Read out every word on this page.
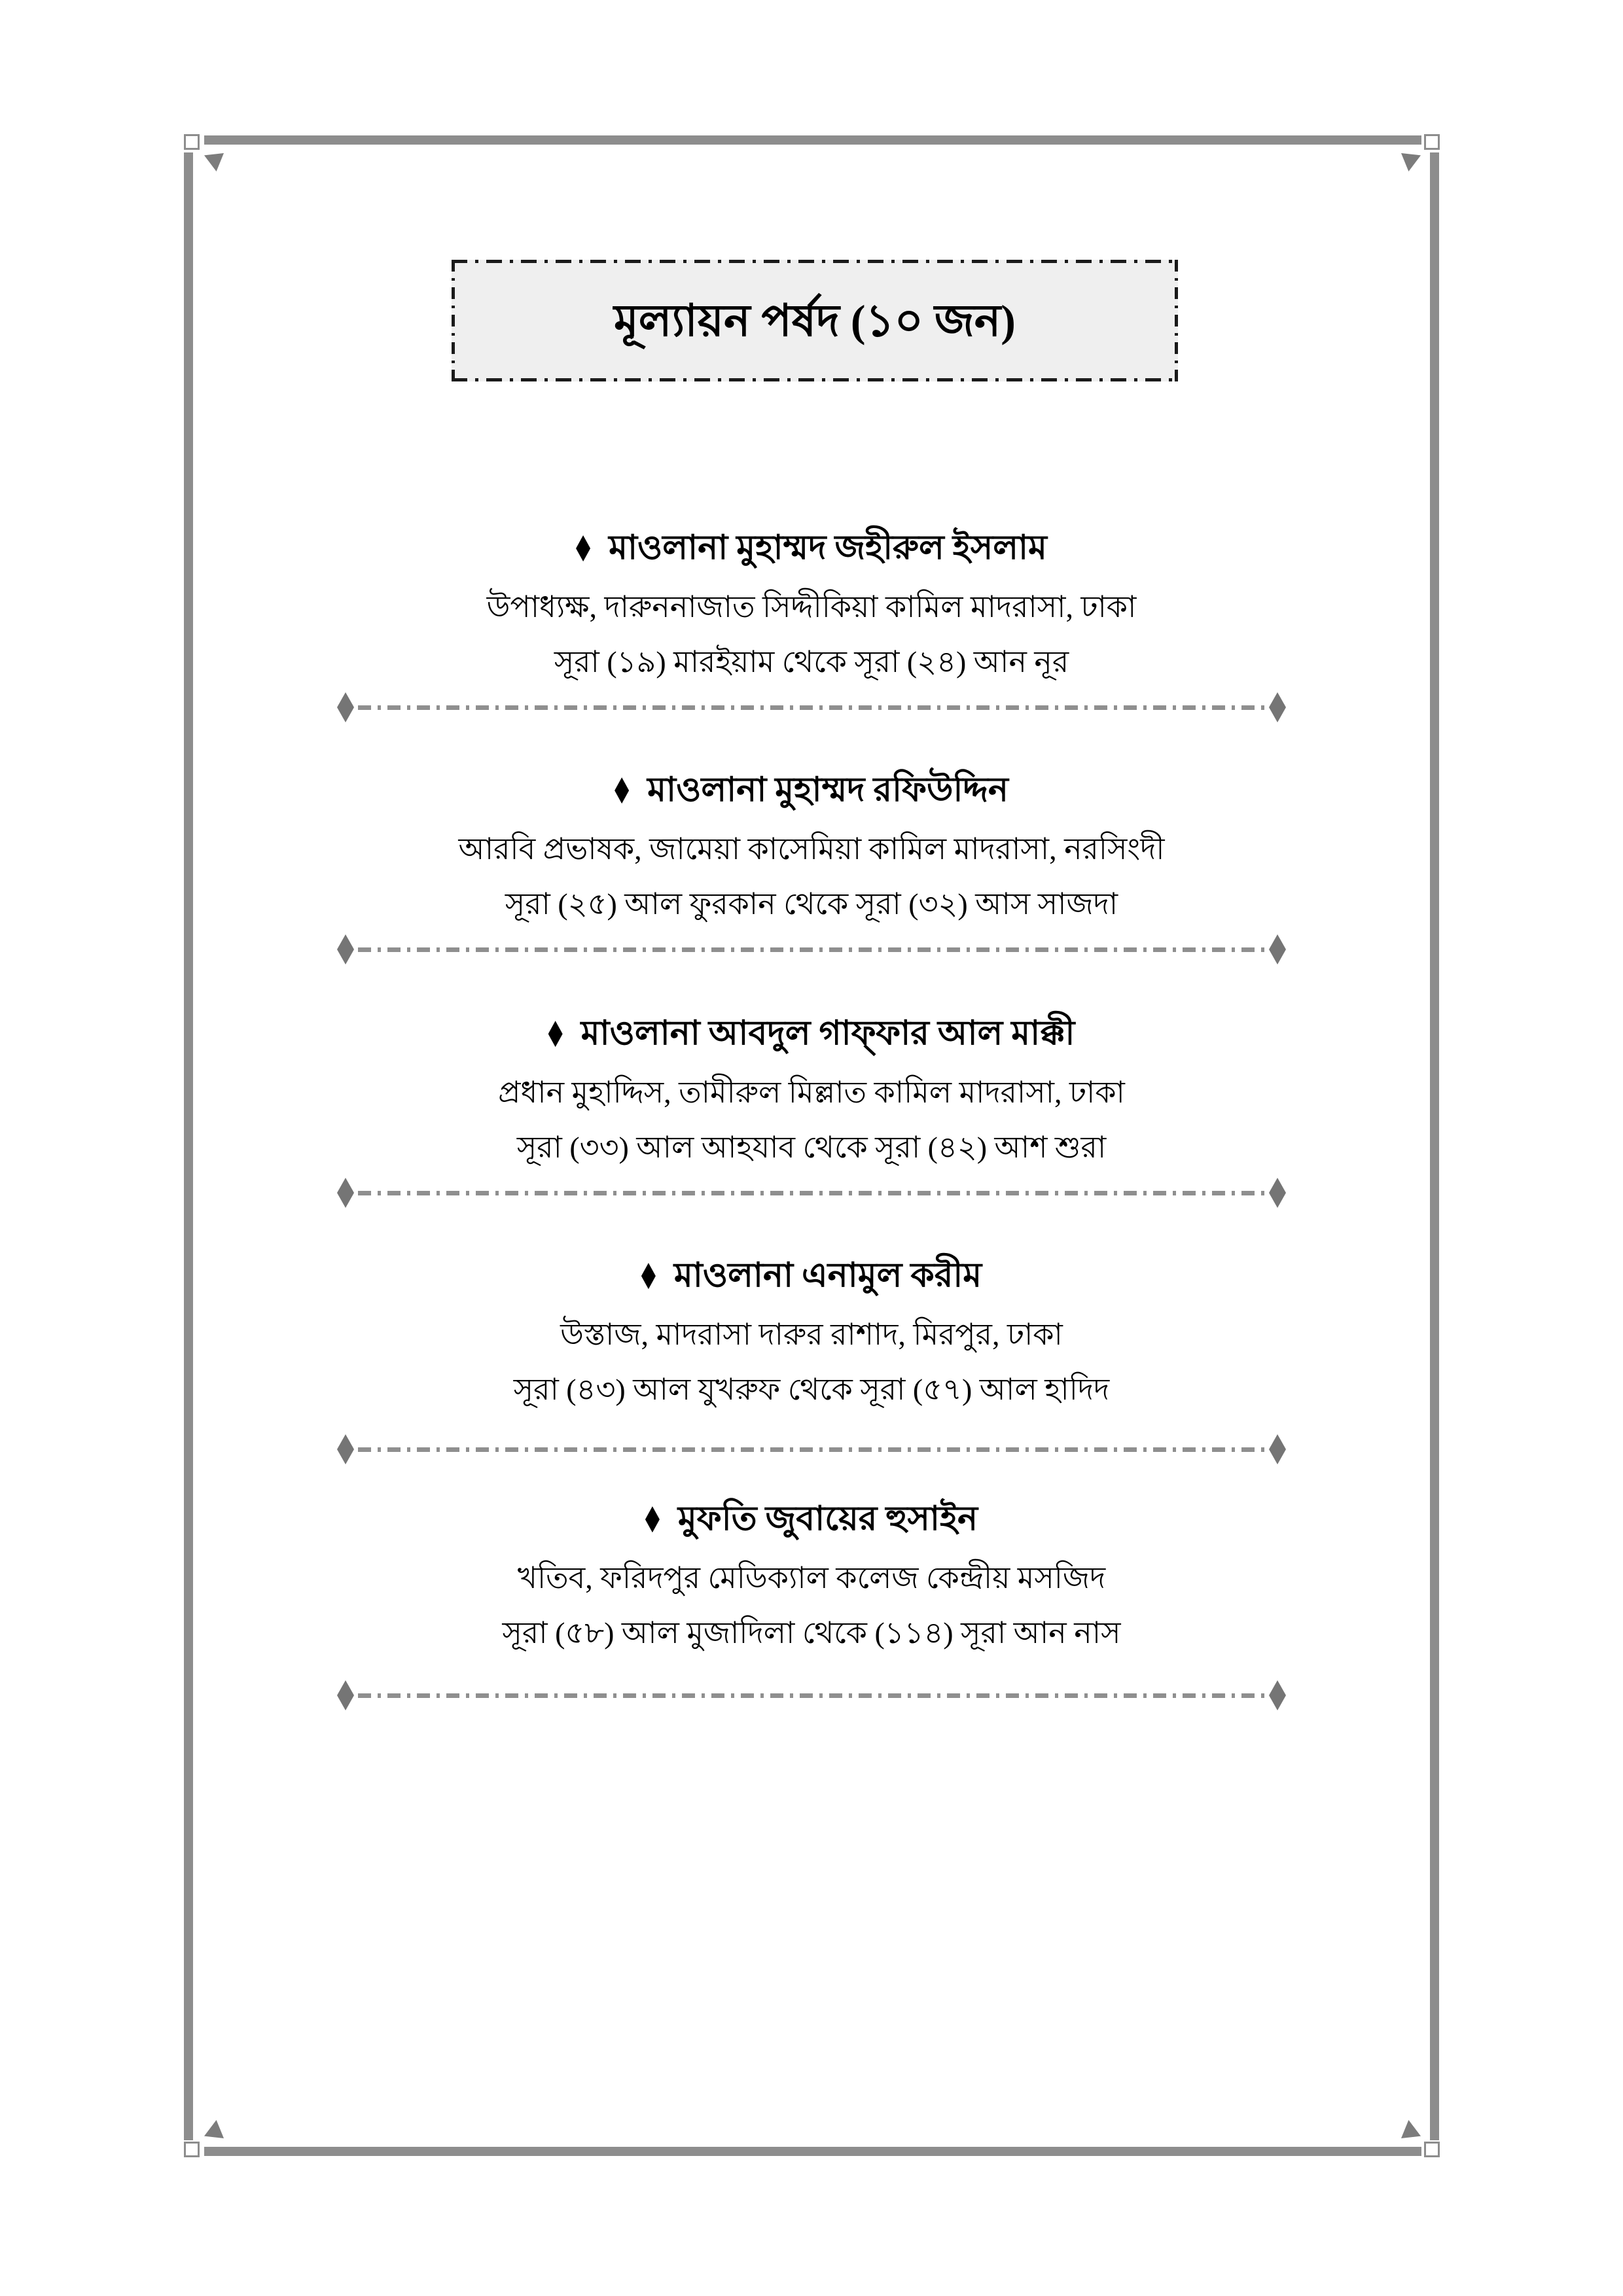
মূল্যায়ন পর্ষদ (১০ জন)
মাওলানা মুহাম্মদ জহীরুল ইসলাম
উপাধ্যক্ষ, দারুননাজাত সিদ্দীকিয়া কামিল মাদরাসা, ঢাকা
সূরা (১৯) মারইয়াম থেকে সূরা (২৪) আন নূর
মাওলানা মুহাম্মদ রফিউদ্দিন
আরবি প্রভাষক, জামেয়া কাসেমিয়া কামিল মাদরাসা, নরসিংদী
সূরা (২৫) আল ফুরকান থেকে সূরা (৩২) আস সাজদা
মাওলানা আবদুল গাফ্ফার আল মাক্কী
প্রধান মুহাদ্দিস, তামীরুল মিল্লাত কামিল মাদরাসা, ঢাকা
সূরা (৩৩) আল আহযাব থেকে সূরা (৪২) আশ শুরা
মাওলানা এনামুল করীম
উস্তাজ, মাদরাসা দারুর রাশাদ, মিরপুর, ঢাকা
সূরা (৪৩) আল যুখরুফ থেকে সূরা (৫৭) আল হাদিদ
মুফতি জুবায়ের হুসাইন
খতিব, ফরিদপুর মেডিক্যাল কলেজ কেন্দ্রীয় মসজিদ
সূরা (৫৮) আল মুজাদিলা থেকে (১১৪) সূরা আন নাস
